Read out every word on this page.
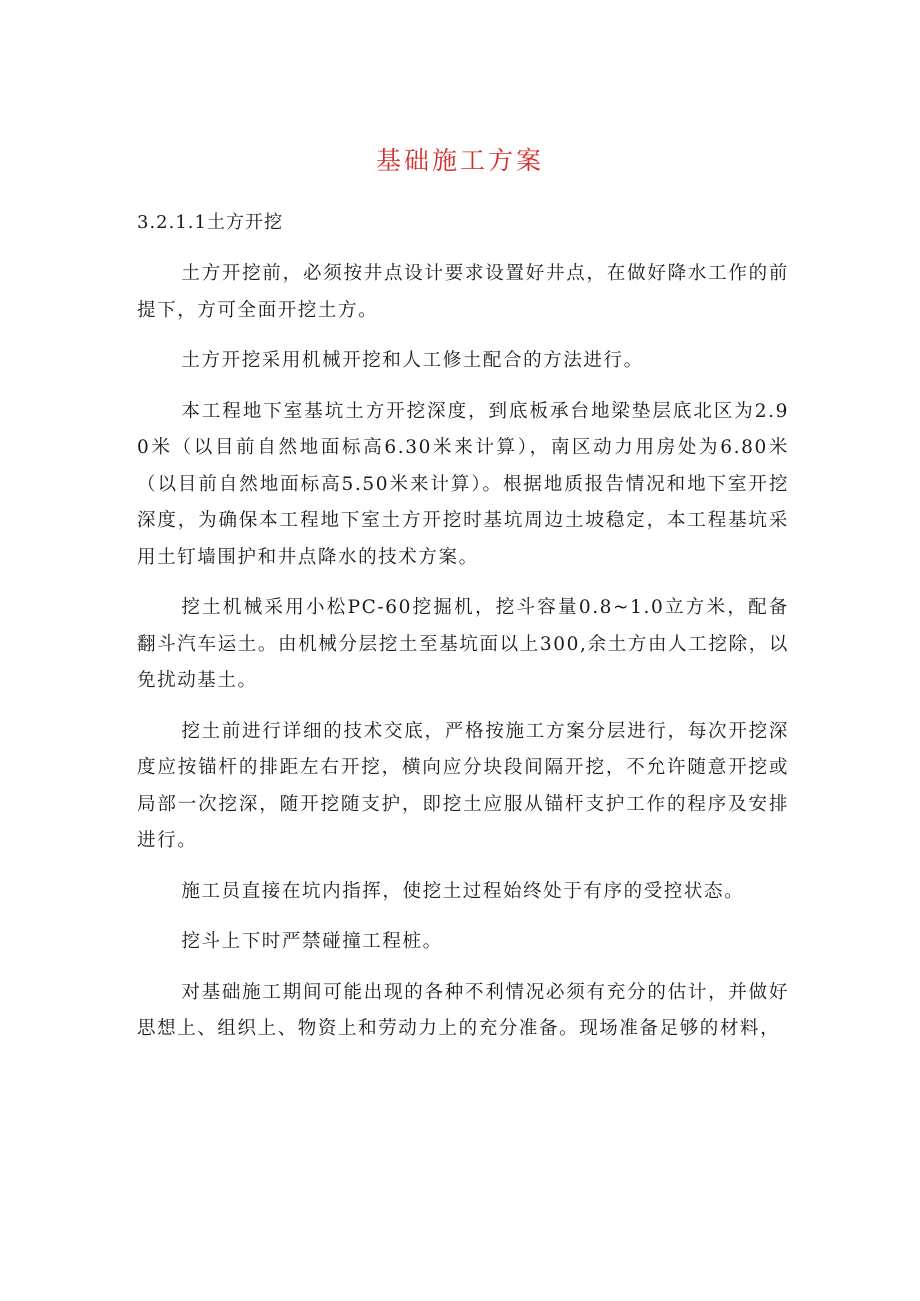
基础施工方案

3.2.1.1土方开挖

土方开挖前，必须按井点设计要求设置好井点，在做好降水工作的前提下，方可全面开挖土方。

土方开挖采用机械开挖和人工修土配合的方法进行。

本工程地下室基坑土方开挖深度，到底板承台地梁垫层底北区为2.90米（以目前自然地面标高6.30米来计算），南区动力用房处为6.80米（以目前自然地面标高5.50米来计算）。根据地质报告情况和地下室开挖深度，为确保本工程地下室土方开挖时基坑周边土坡稳定，本工程基坑采用土钉墙围护和井点降水的技术方案。

挖土机械采用小松PC-60挖掘机，挖斗容量0.8~1.0立方米，配备翻斗汽车运土。由机械分层挖土至基坑面以上300,余土方由人工挖除，以免扰动基土。

挖土前进行详细的技术交底，严格按施工方案分层进行，每次开挖深度应按锚杆的排距左右开挖，横向应分块段间隔开挖，不允许随意开挖或局部一次挖深，随开挖随支护，即挖土应服从锚杆支护工作的程序及安排进行。

施工员直接在坑内指挥，使挖土过程始终处于有序的受控状态。

挖斗上下时严禁碰撞工程桩。

对基础施工期间可能出现的各种不利情况必须有充分的估计，并做好思想上、组织上、物资上和劳动力上的充分准备。现场准备足够的材料，
